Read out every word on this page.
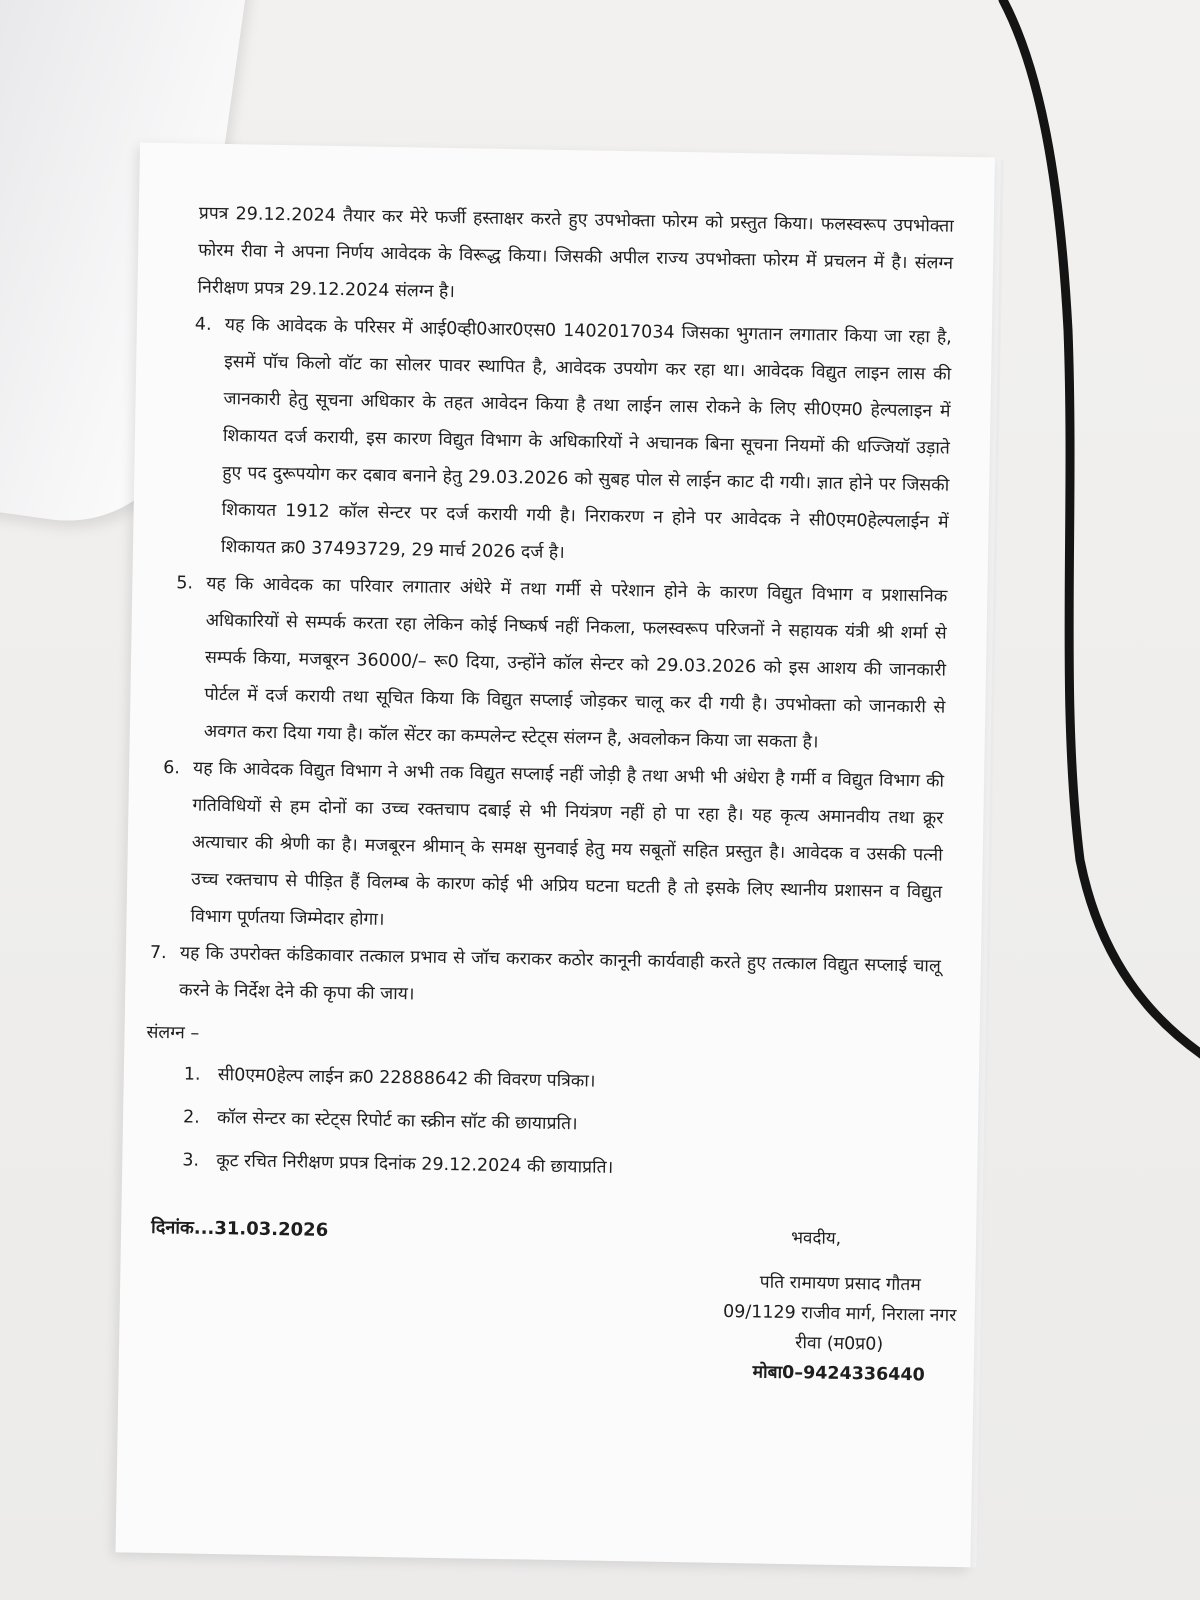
प्रपत्र 29.12.2024 तैयार कर मेरे फर्जी हस्ताक्षर करते हुए उपभोक्ता फोरम को प्रस्तुत किया। फलस्वरूप उपभोक्ता फोरम रीवा ने अपना निर्णय आवेदक के विरूद्ध किया। जिसकी अपील राज्य उपभोक्ता फोरम में प्रचलन में है। संलग्न निरीक्षण प्रपत्र 29.12.2024 संलग्न है।

4. यह कि आवेदक के परिसर में आई0व्ही0आर0एस0 1402017034 जिसका भुगतान लगातार किया जा रहा है, इसमें पॉच किलो वॉट का सोलर पावर स्थापित है, आवेदक उपयोग कर रहा था। आवेदक विद्युत लाइन लास की जानकारी हेतु सूचना अधिकार के तहत आवेदन किया है तथा लाईन लास रोकने के लिए सी0एम0 हेल्पलाइन में शिकायत दर्ज करायी, इस कारण विद्युत विभाग के अधिकारियों ने अचानक बिना सूचना नियमों की धज्जियॉ उड़ाते हुए पद दुरूपयोग कर दबाव बनाने हेतु 29.03.2026 को सुबह पोल से लाईन काट दी गयी। ज्ञात होने पर जिसकी शिकायत 1912 कॉल सेन्टर पर दर्ज करायी गयी है। निराकरण न होने पर आवेदक ने सी0एम0हेल्पलाईन में शिकायत क्र0 37493729, 29 मार्च 2026 दर्ज है।
5. यह कि आवेदक का परिवार लगातार अंधेरे में तथा गर्मी से परेशान होने के कारण विद्युत विभाग व प्रशासनिक अधिकारियों से सम्पर्क करता रहा लेकिन कोई निष्कर्ष नहीं निकला, फलस्वरूप परिजनों ने सहायक यंत्री श्री शर्मा से सम्पर्क किया, मजबूरन 36000/– रू0 दिया, उन्होंने कॉल सेन्टर को 29.03.2026 को इस आशय की जानकारी पोर्टल में दर्ज करायी तथा सूचित किया कि विद्युत सप्लाई जोड़कर चालू कर दी गयी है। उपभोक्ता को जानकारी से अवगत करा दिया गया है। कॉल सेंटर का कम्पलेन्ट स्टेट्स संलग्न है, अवलोकन किया जा सकता है।
6. यह कि आवेदक विद्युत विभाग ने अभी तक विद्युत सप्लाई नहीं जोड़ी है तथा अभी भी अंधेरा है गर्मी व विद्युत विभाग की गतिविधियों से हम दोनों का उच्च रक्तचाप दबाई से भी नियंत्रण नहीं हो पा रहा है। यह कृत्य अमानवीय तथा क्रूर अत्याचार की श्रेणी का है। मजबूरन श्रीमान् के समक्ष सुनवाई हेतु मय सबूतों सहित प्रस्तुत है। आवेदक व उसकी पत्नी उच्च रक्तचाप से पीड़ित हैं विलम्ब के कारण कोई भी अप्रिय घटना घटती है तो इसके लिए स्थानीय प्रशासन व विद्युत विभाग पूर्णतया जिम्मेदार होगा।
7. यह कि उपरोक्त कंडिकावार तत्काल प्रभाव से जॉच कराकर कठोर कानूनी कार्यवाही करते हुए तत्काल विद्युत सप्लाई चालू करने के निर्देश देने की कृपा की जाय।
संलग्न –
1. सी0एम0हेल्प लाईन क्र0 22888642 की विवरण पत्रिका।
2. कॉल सेन्टर का स्टेट्स रिपोर्ट का स्क्रीन सॉट की छायाप्रति।
3. कूट रचित निरीक्षण प्रपत्र दिनांक 29.12.2024 की छायाप्रति।
दिनांक...31.03.2026	भवदीय,
पति रामायण प्रसाद गौतम
09/1129 राजीव मार्ग, निराला नगर
रीवा (म0प्र0)
मोबा0–9424336440
